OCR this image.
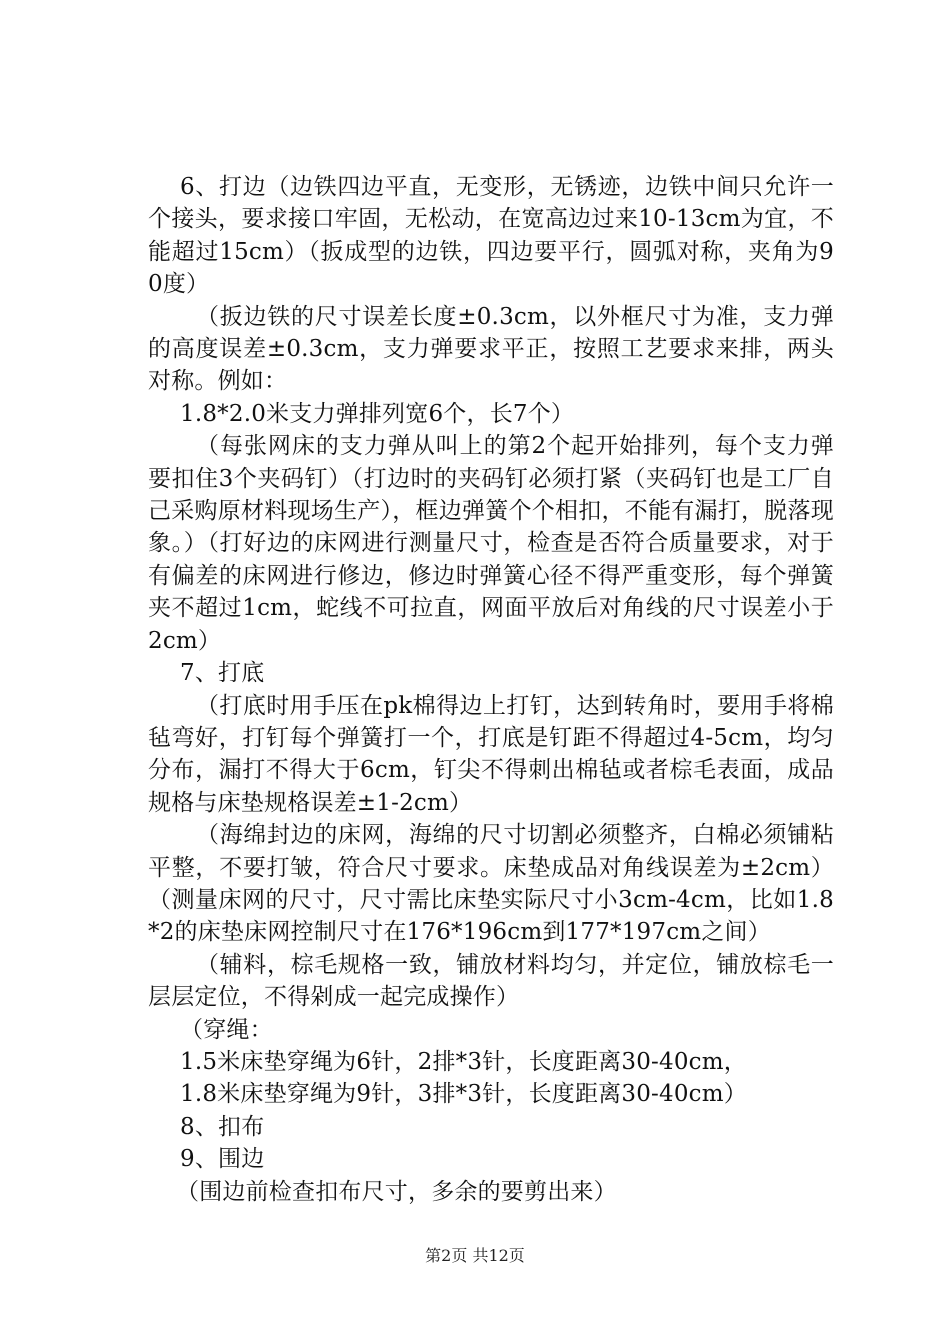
6、打边（边铁四边平直，无变形，无锈迹，边铁中间只允许一个接头，要求接口牢固，无松动，在宽高边过来10-13cm为宜，不能超过15cm）（扳成型的边铁，四边要平行，圆弧对称，夹角为90度）

（扳边铁的尺寸误差长度±0.3cm，以外框尺寸为准，支力弹的高度误差±0.3cm，支力弹要求平正，按照工艺要求来排，两头对称。例如：

1.8*2.0米支力弹排列宽6个，长7个）

（每张网床的支力弹从叫上的第2个起开始排列，每个支力弹要扣住3个夹码钉）（打边时的夹码钉必须打紧（夹码钉也是工厂自己采购原材料现场生产），框边弹簧个个相扣，不能有漏打，脱落现象。）（打好边的床网进行测量尺寸，检查是否符合质量要求，对于有偏差的床网进行修边，修边时弹簧心径不得严重变形，每个弹簧夹不超过1cm，蛇线不可拉直，网面平放后对角线的尺寸误差小于2cm）

7、打底

（打底时用手压在pk棉得边上打钉，达到转角时，要用手将棉毡弯好，打钉每个弹簧打一个，打底是钉距不得超过4-5cm，均匀分布，漏打不得大于6cm，钉尖不得刺出棉毡或者棕毛表面，成品规格与床垫规格误差±1-2cm）

（海绵封边的床网，海绵的尺寸切割必须整齐，白棉必须铺粘平整，不要打皱，符合尺寸要求。床垫成品对角线误差为±2cm）（测量床网的尺寸，尺寸需比床垫实际尺寸小3cm-4cm，比如1.8*2的床垫床网控制尺寸在176*196cm到177*197cm之间）

（辅料，棕毛规格一致，铺放材料均匀，并定位，铺放棕毛一层层定位，不得剁成一起完成操作）

（穿绳：

1.5米床垫穿绳为6针，2排*3针，长度距离30-40cm，

1.8米床垫穿绳为9针，3排*3针，长度距离30-40cm）

8、扣布

9、围边

（围边前检查扣布尺寸，多余的要剪出来）

第2页 共12页
